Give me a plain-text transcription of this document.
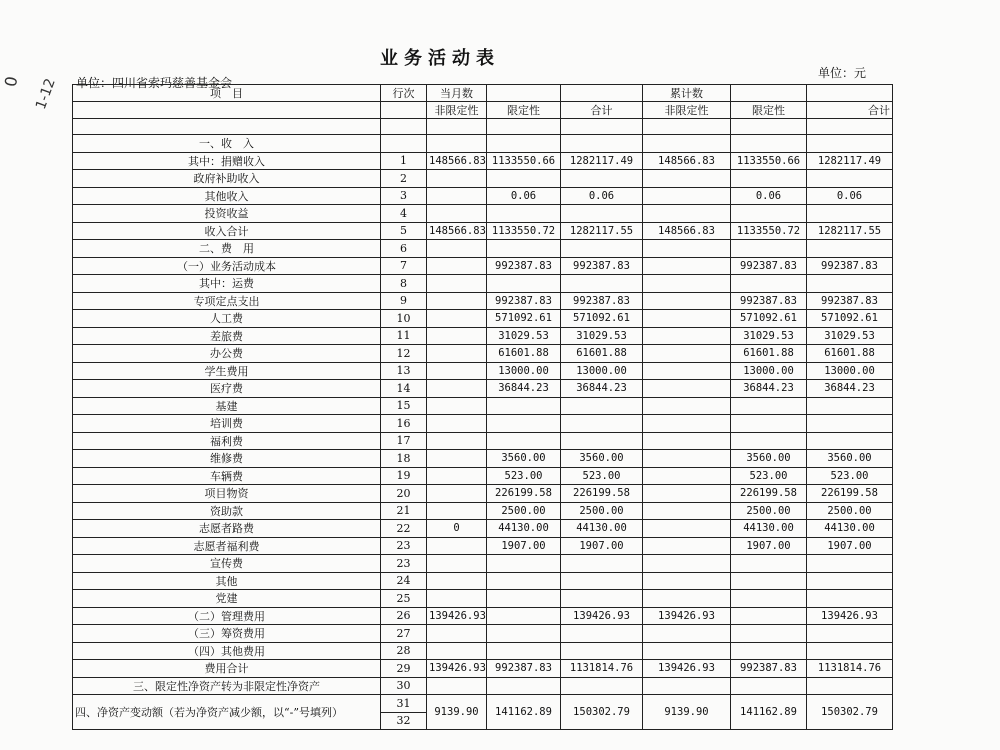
0 1-12
业务活动表
单位：四川省索玛慈善基金会
单位：元
项　目	行次	当月数			累计数		
		非限定性	限定性	合计	非限定性	限定性	合计

一、收　入							
其中：捐赠收入	1	148566.83	1133550.66	1282117.49	148566.83	1133550.66	1282117.49
政府补助收入	2						
其他收入	3		0.06	0.06		0.06	0.06
投资收益	4						
收入合计	5	148566.83	1133550.72	1282117.55	148566.83	1133550.72	1282117.55
二、费　用	6						
（一）业务活动成本	7		992387.83	992387.83		992387.83	992387.83
其中：运费	8						
专项定点支出	9		992387.83	992387.83		992387.83	992387.83
人工费	10		571092.61	571092.61		571092.61	571092.61
差旅费	11		31029.53	31029.53		31029.53	31029.53
办公费	12		61601.88	61601.88		61601.88	61601.88
学生费用	13		13000.00	13000.00		13000.00	13000.00
医疗费	14		36844.23	36844.23		36844.23	36844.23
基建	15						
培训费	16						
福利费	17						
维修费	18		3560.00	3560.00		3560.00	3560.00
车辆费	19		523.00	523.00		523.00	523.00
项目物资	20		226199.58	226199.58		226199.58	226199.58
资助款	21		2500.00	2500.00		2500.00	2500.00
志愿者路费	22	0	44130.00	44130.00		44130.00	44130.00
志愿者福利费	23		1907.00	1907.00		1907.00	1907.00
宣传费	23						
其他	24						
党建	25						
（二）管理费用	26	139426.93		139426.93	139426.93		139426.93
（三）筹资费用	27						
（四）其他费用	28						
费用合计	29	139426.93	992387.83	1131814.76	139426.93	992387.83	1131814.76
三、限定性净资产转为非限定性净资产	30						
四、净资产变动额（若为净资产减少额，以“-”号填列）	31	9139.90	141162.89	150302.79	9139.90	141162.89	150302.79
	32						
